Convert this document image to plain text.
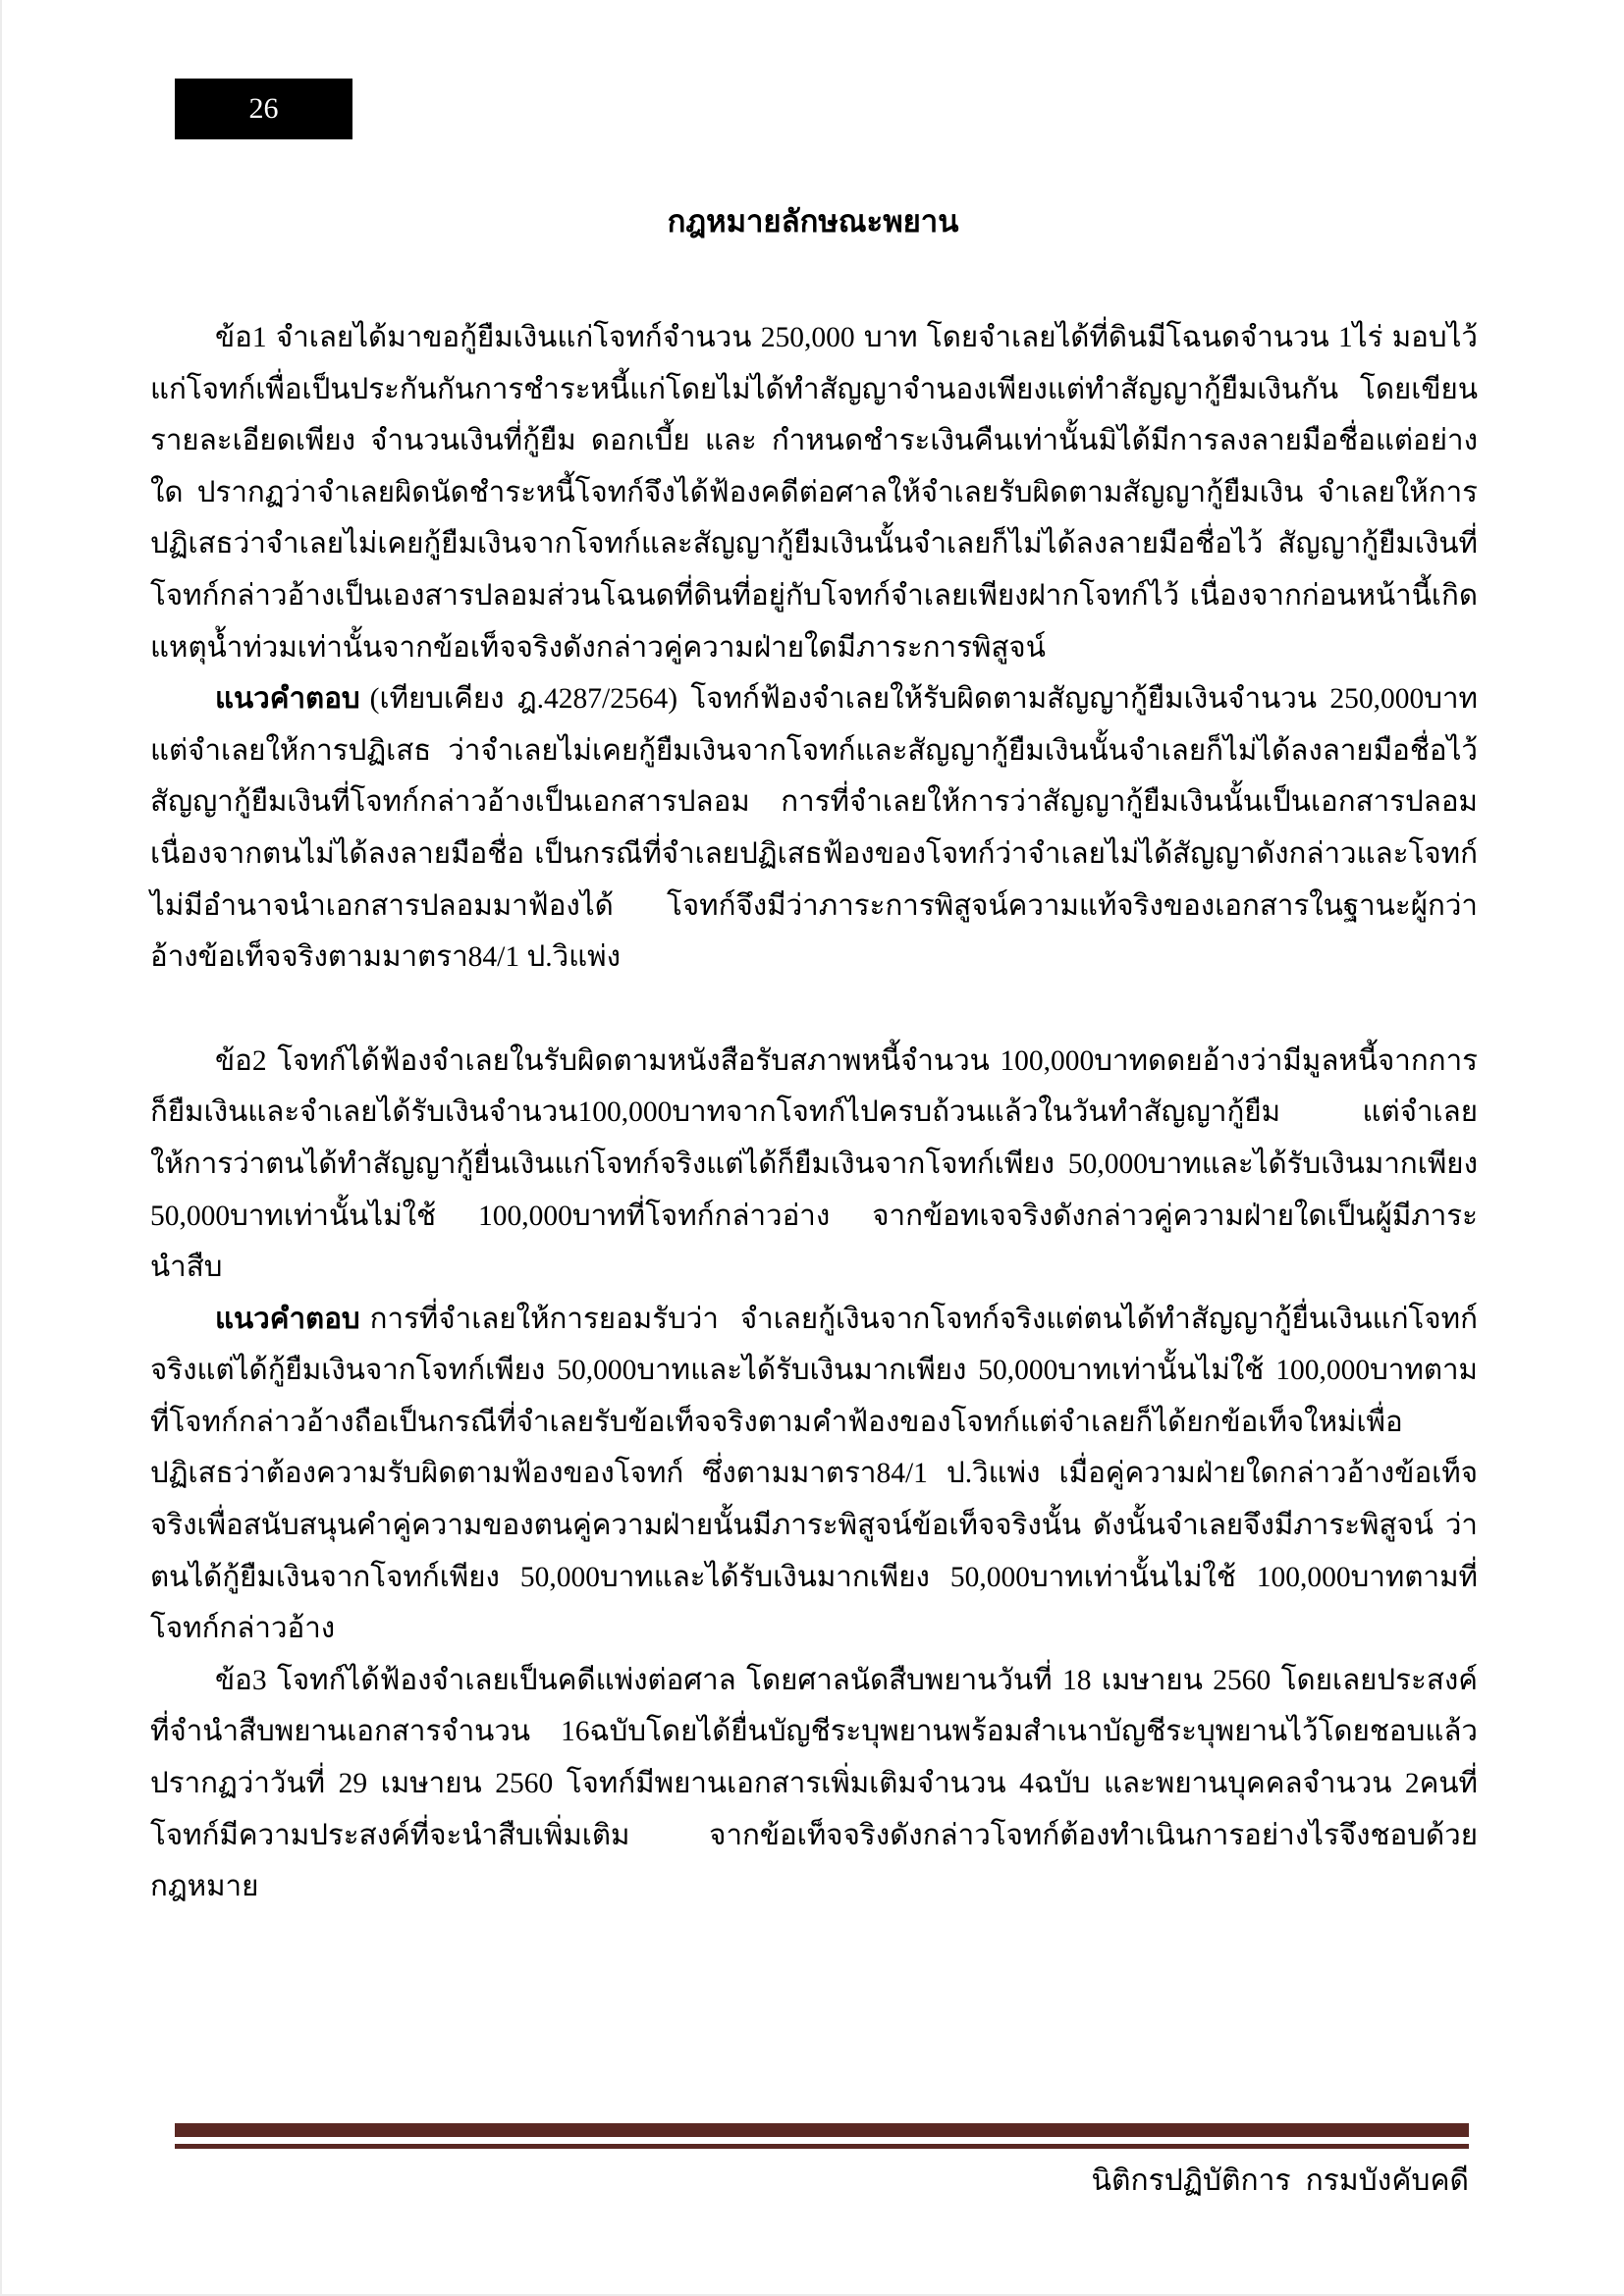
26
กฎหมายลักษณะพยาน

ข้อ1 จำเลยได้มาขอกู้ยืมเงินแก่โจทก์จำนวน 250,000 บาท โดยจำเลยได้ที่ดินมีโฉนดจำนวน 1ไร่ มอบไว้แก่โจทก์เพื่อเป็นประกันกันการชำระหนี้แก่โดยไม่ได้ทำสัญญาจำนองเพียงแต่ทำสัญญากู้ยืมเงินกัน โดยเขียนรายละเอียดเพียง จำนวนเงินที่กู้ยืม ดอกเบี้ย และ กำหนดชำระเงินคืนเท่านั้นมิได้มีการลงลายมือชื่อแต่อย่างใด ปรากฏว่าจำเลยผิดนัดชำระหนี้โจทก์จึงได้ฟ้องคดีต่อศาลให้จำเลยรับผิดตามสัญญากู้ยืมเงิน จำเลยให้การปฏิเสธว่าจำเลยไม่เคยกู้ยืมเงินจากโจทก์และสัญญากู้ยืมเงินนั้นจำเลยก็ไม่ได้ลงลายมือชื่อไว้ สัญญากู้ยืมเงินที่โจทก์กล่าวอ้างเป็นเองสารปลอมส่วนโฉนดที่ดินที่อยู่กับโจทก์จำเลยเพียงฝากโจทก์ไว้ เนื่องจากก่อนหน้านี้เกิดแหตุน้ำท่วมเท่านั้นจากข้อเท็จจริงดังกล่าวคู่ความฝ่ายใดมีภาระการพิสูจน์

แนวคำตอบ (เทียบเคียง ฎ.4287/2564) โจทก์ฟ้องจำเลยให้รับผิดตามสัญญากู้ยืมเงินจำนวน 250,000บาท แต่จำเลยให้การปฏิเสธ ว่าจำเลยไม่เคยกู้ยืมเงินจากโจทก์และสัญญากู้ยืมเงินนั้นจำเลยก็ไม่ได้ลงลายมือชื่อไว้ สัญญากู้ยืมเงินที่โจทก์กล่าวอ้างเป็นเอกสารปลอม การที่จำเลยให้การว่าสัญญากู้ยืมเงินนั้นเป็นเอกสารปลอมเนื่องจากตนไม่ได้ลงลายมือชื่อ เป็นกรณีที่จำเลยปฏิเสธฟ้องของโจทก์ว่าจำเลยไม่ได้สัญญาดังกล่าวและโจทก์ไม่มีอำนาจนำเอกสารปลอมมาฟ้องได้ โจทก์จึงมีว่าภาระการพิสูจน์ความแท้จริงของเอกสารในฐานะผู้กว่าอ้างข้อเท็จจริงตามมาตรา84/1 ป.วิแพ่ง

ข้อ2 โจทก์ได้ฟ้องจำเลยในรับผิดตามหนังสือรับสภาพหนี้จำนวน 100,000บาทดดยอ้างว่ามีมูลหนี้จากการก็ยืมเงินและจำเลยได้รับเงินจำนวน100,000บาทจากโจทก์ไปครบถ้วนแล้วในวันทำสัญญากู้ยืม แต่จำเลยให้การว่าตนได้ทำสัญญากู้ยื่นเงินแก่โจทก์จริงแต่ได้ก็ยืมเงินจากโจทก์เพียง 50,000บาทและได้รับเงินมากเพียง 50,000บาทเท่านั้นไม่ใช้ 100,000บาทที่โจทก์กล่าวอ่าง จากข้อทเจจริงดังกล่าวคู่ความฝ่ายใดเป็นผู้มีภาระนำสืบ

แนวคำตอบ การที่จำเลยให้การยอมรับว่า จำเลยกู้เงินจากโจทก์จริงแต่ตนได้ทำสัญญากู้ยื่นเงินแก่โจทก์จริงแต่ได้กู้ยืมเงินจากโจทก์เพียง 50,000บาทและได้รับเงินมากเพียง 50,000บาทเท่านั้นไม่ใช้ 100,000บาทตามที่โจทก์กล่าวอ้างถือเป็นกรณีที่จำเลยรับข้อเท็จจริงตามคำฟ้องของโจทก์แต่จำเลยก็ได้ยกข้อเท็จใหม่เพื่อปฏิเสธว่าต้องความรับผิดตามฟ้องของโจทก์ ซึ่งตามมาตรา84/1 ป.วิแพ่ง เมื่อคู่ความฝ่ายใดกล่าวอ้างข้อเท็จจริงเพื่อสนับสนุนคำคู่ความของตนคู่ความฝ่ายนั้นมีภาระพิสูจน์ข้อเท็จจริงนั้น ดังนั้นจำเลยจึงมีภาระพิสูจน์ ว่าตนได้กู้ยืมเงินจากโจทก์เพียง 50,000บาทและได้รับเงินมากเพียง 50,000บาทเท่านั้นไม่ใช้ 100,000บาทตามที่โจทก์กล่าวอ้าง

ข้อ3 โจทก์ได้ฟ้องจำเลยเป็นคดีแพ่งต่อศาล โดยศาลนัดสืบพยานวันที่ 18 เมษายน 2560 โดยเลยประสงค์ที่จำนำสืบพยานเอกสารจำนวน 16ฉบับโดยได้ยื่นบัญชีระบุพยานพร้อมสำเนาบัญชีระบุพยานไว้โดยชอบแล้ว ปรากฏว่าวันที่ 29 เมษายน 2560 โจทก์มีพยานเอกสารเพิ่มเติมจำนวน 4ฉบับ และพยานบุคคลจำนวน 2คนที่โจทก์มีความประสงค์ที่จะนำสืบเพิ่มเติม จากข้อเท็จจริงดังกล่าวโจทก์ต้องทำเนินการอย่างไรจึงชอบด้วยกฎหมาย

นิติกรปฏิบัติการ  กรมบังคับคดี
